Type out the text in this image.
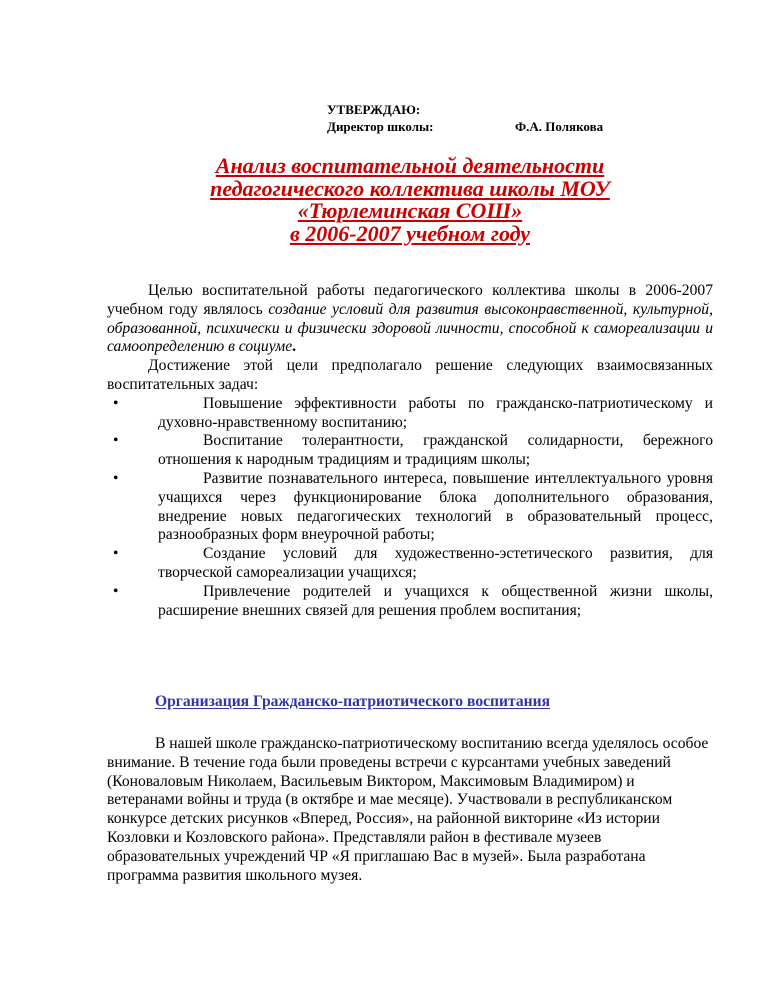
УТВЕРЖДАЮ:
Директор школы:	Ф.А. Полякова
Анализ воспитательной деятельности
педагогического коллектива школы МОУ
«Тюрлеминская СОШ»
в 2006-2007 учебном году

Целью воспитательной работы педагогического коллектива школы в 2006-2007 учебном году являлось создание условий для развития высоконравственной, культурной, образованной, психически и физически здоровой личности, способной к самореализации и самоопределению в социуме.

Достижение этой цели предполагало решение следующих взаимосвязанных воспитательных задач:

•	Повышение эффективности работы по гражданско-патриотическому и духовно-нравственному воспитанию;
•	Воспитание толерантности, гражданской солидарности, бережного отношения к народным традициям и традициям школы;
•	Развитие познавательного интереса, повышение интеллектуального уровня учащихся через функционирование блока дополнительного образования, внедрение новых педагогических технологий в образовательный процесс, разнообразных форм внеурочной работы;
•	Создание условий для художественно-эстетического развития, для творческой самореализации учащихся;
•	Привлечение родителей и учащихся к общественной жизни школы, расширение внешних связей для решения проблем воспитания;
Организация Гражданско-патриотического воспитания

В нашей школе гражданско-патриотическому воспитанию всегда уделялось особое внимание. В течение года были проведены встречи с курсантами учебных заведений (Коноваловым Николаем, Васильевым Виктором, Максимовым Владимиром) и ветеранами войны и труда (в октябре и мае месяце). Участвовали в республиканском конкурсе детских рисунков «Вперед, Россия», на районной викторине «Из истории Козловки и Козловского района». Представляли район в фестивале музеев образовательных учреждений ЧР «Я приглашаю Вас в музей». Была разработана программа развития школьного музея.
